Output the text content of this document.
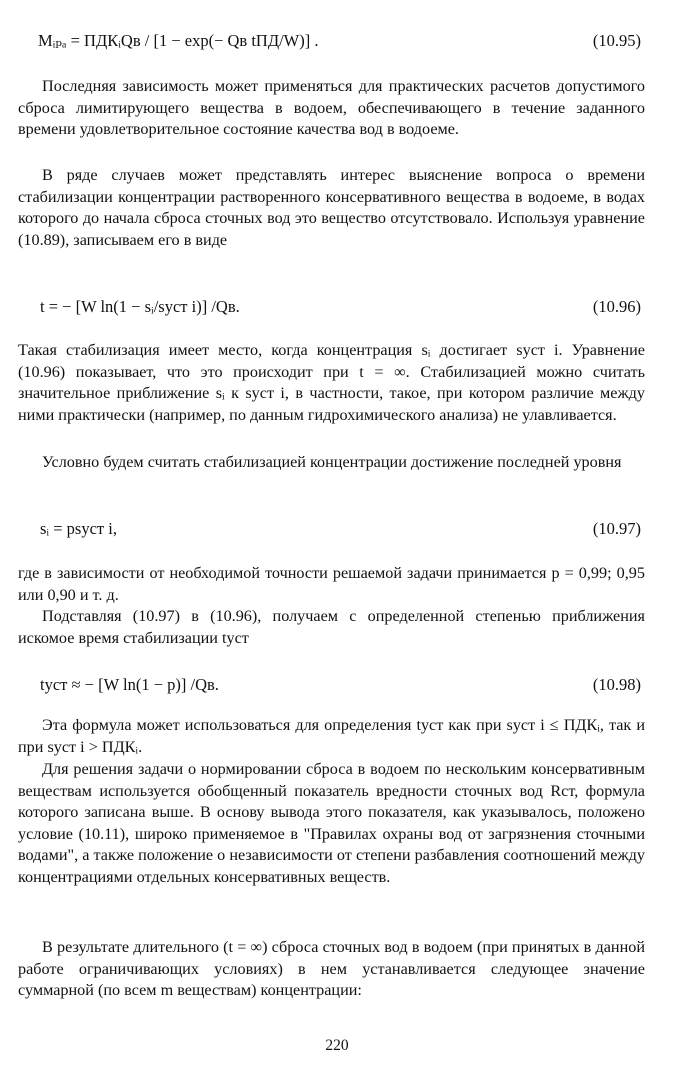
Mᵢₚₐ = ПДКᵢQв / [1 − exp(− Qв tПД/W)] .	(10.95)

Последняя зависимость может применяться для практических расчетов допустимого сброса лимитирующего вещества в водоем, обеспечивающего в течение заданного времени удовлетворительное состояние качества вод в водоеме.

В ряде случаев может представлять интерес выяснение вопроса о времени стабилизации концентрации растворенного консервативного вещества в водоеме, в водах которого до начала сброса сточных вод это вещество отсутствовало. Используя уравнение (10.89), записываем его в виде

t = − [W ln(1 − sᵢ/sуст i)] /Qв.	(10.96)

Такая стабилизация имеет место, когда концентрация sᵢ достигает sуст i. Уравнение (10.96) показывает, что это происходит при t = ∞. Стабилизацией можно считать значительное приближение sᵢ к sуст i, в частности, такое, при котором различие между ними практически (например, по данным гидрохимического анализа) не улавливается.

Условно будем считать стабилизацией концентрации достижение последней уровня

sᵢ = psуст i,	(10.97)

где в зависимости от необходимой точности решаемой задачи принимается p = 0,99; 0,95 или 0,90 и т. д.

Подставляя (10.97) в (10.96), получаем с определенной степенью приближения искомое время стабилизации tуст

tуст ≈ − [W ln(1 − p)] /Qв.	(10.98)

Эта формула может использоваться для определения tуст как при sуст i ≤ ПДКᵢ, так и при sуст i > ПДКᵢ.

Для решения задачи о нормировании сброса в водоем по нескольким консервативным веществам используется обобщенный показатель вредности сточных вод Rст, формула которого записана выше. В основу вывода этого показателя, как указывалось, положено условие (10.11), широко применяемое в "Правилах охраны вод от загрязнения сточными водами", а также положение о независимости от степени разбавления соотношений между концентрациями отдельных консервативных веществ.

В результате длительного (t = ∞) сброса сточных вод в водоем (при принятых в данной работе ограничивающих условиях) в нем устанавливается следующее значение суммарной (по всем m веществам) концентрации:

220
